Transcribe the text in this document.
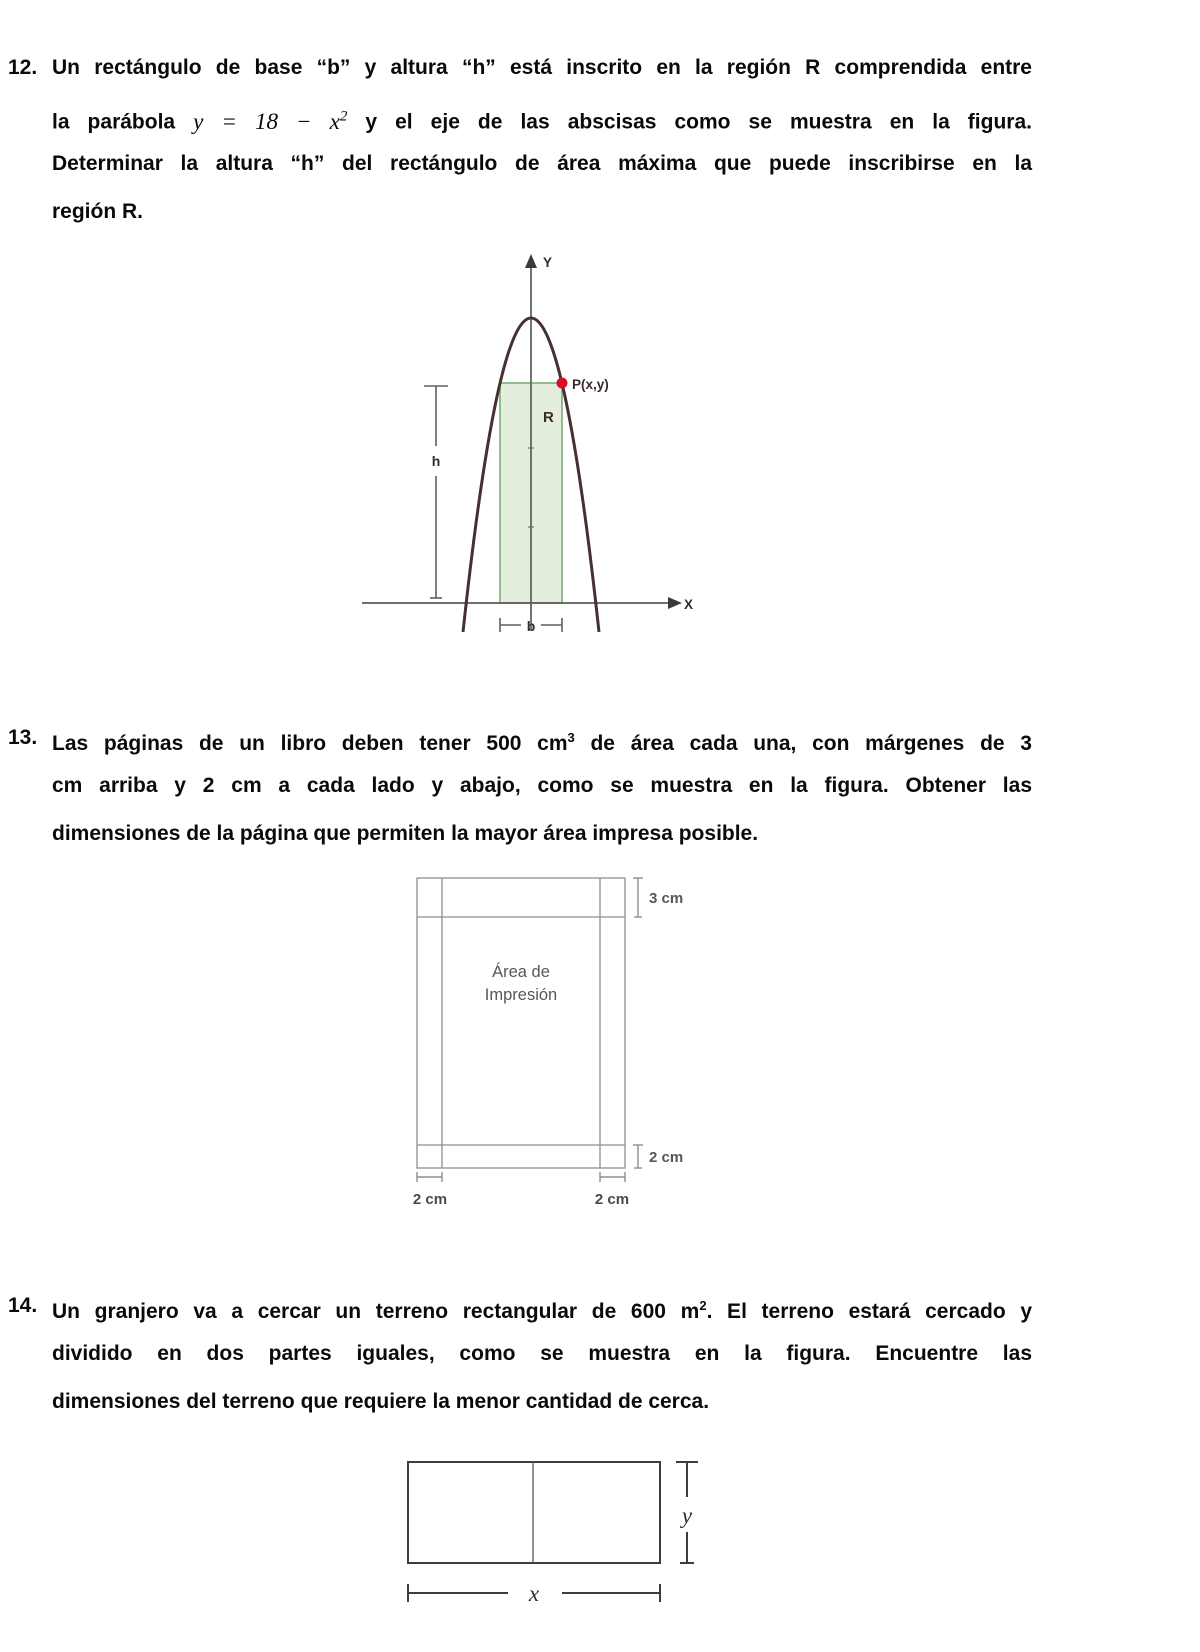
12. Un rectángulo de base “b” y altura “h” está inscrito en la región R comprendida entre
la parábola $y = 18 - x^2$ y el eje de las abscisas como se muestra en la figura.
Determinar la altura “h” del rectángulo de área máxima que puede inscribirse en la
región R.
Y
X
P(x,y)
R
h
b
13. Las páginas de un libro deben tener 500 $cm^3$ de área cada una, con márgenes de 3
cm arriba y 2 cm a cada lado y abajo, como se muestra en la figura. Obtener las
dimensiones de la página que permiten la mayor área impresa posible.
3 cm
Área de
Impresión
2 cm
2 cm	2 cm
14. Un granjero va a cercar un terreno rectangular de 600 $m^2$. El terreno estará cercado y
dividido en dos partes iguales, como se muestra en la figura. Encuentre las
dimensiones del terreno que requiere la menor cantidad de cerca.
y
x
